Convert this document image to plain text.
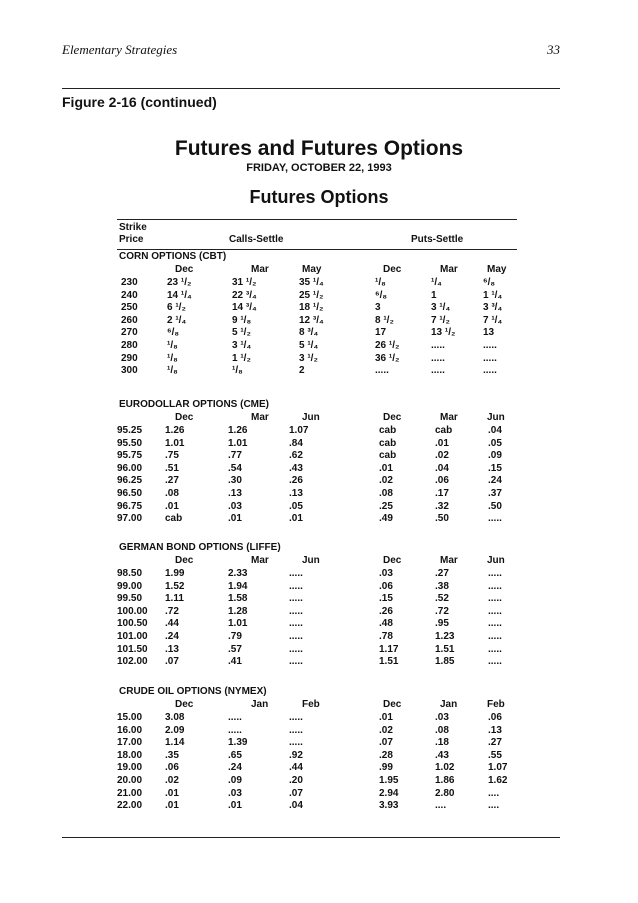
Elementary Strategies	33
Figure 2-16 (continued)
Futures and Futures Options
FRIDAY, OCTOBER 22, 1993
Futures Options
Strike
Price	Calls-Settle	Puts-Settle
CORN OPTIONS (CBT)
Dec	Mar	May	Dec	Mar	May
230	23 ¹/₂	31 ¹/₂	35 ¹/₄	¹/₈	¹/₄	⁶/₈
240	14 ¹/₄	22 ³/₄	25 ¹/₂	⁶/₈	1	1 ¹/₄
250	6 ¹/₂	14 ³/₄	18 ¹/₂	3	3 ¹/₄	3 ³/₄
260	2 ¹/₄	9 ¹/₈	12 ³/₄	8 ¹/₂	7 ¹/₂	7 ¹/₄
270	⁶/₈	5 ¹/₂	8 ³/₄	17	13 ¹/₂	13
280	¹/₈	3 ¹/₄	5 ¹/₄	26 ¹/₂	.....	.....
290	¹/₈	1 ¹/₂	3 ¹/₂	36 ¹/₂	.....	.....
300	¹/₈	¹/₈	2	.....	.....	.....
EURODOLLAR OPTIONS (CME)
Dec	Mar	Jun	Dec	Mar	Jun
95.25 1.26	1.26	1.07	cab	cab	.04
95.50 1.01	1.01	.84	cab	.01	.05
95.75 .75	.77	.62	cab	.02	.09
96.00 .51	.54	.43	.01	.04	.15
96.25 .27	.30	.26	.02	.06	.24
96.50 .08	.13	.13	.08	.17	.37
96.75 .01	.03	.05	.25	.32	.50
97.00 cab	.01	.01	.49	.50	.....
GERMAN BOND OPTIONS (LIFFE)
Dec	Mar	Jun	Dec	Mar	Jun
98.50 1.99	2.33	.....	.03	.27	.....
99.00 1.52	1.94	.....	.06	.38	.....
99.50 1.11	1.58	.....	.15	.52	.....
100.00 .72	1.28	.....	.26	.72	.....
100.50 .44	1.01	.....	.48	.95	.....
101.00 .24	.79	.....	.78	1.23	.....
101.50 .13	.57	.....	1.17	1.51	.....
102.00 .07	.41	.....	1.51	1.85	.....
CRUDE OIL OPTIONS (NYMEX)
Dec	Jan	Feb	Dec	Jan	Feb
15.00 3.08	.....	.....	.01	.03	.06
16.00 2.09	.....	.....	.02	.08	.13
17.00 1.14	1.39	.....	.07	.18	.27
18.00 .35	.65	.92	.28	.43	.55
19.00 .06	.24	.44	.99	1.02	1.07
20.00 .02	.09	.20	1.95	1.86	1.62
21.00 .01	.03	.07	2.94	2.80	....
22.00 .01	.01	.04	3.93	....	....
